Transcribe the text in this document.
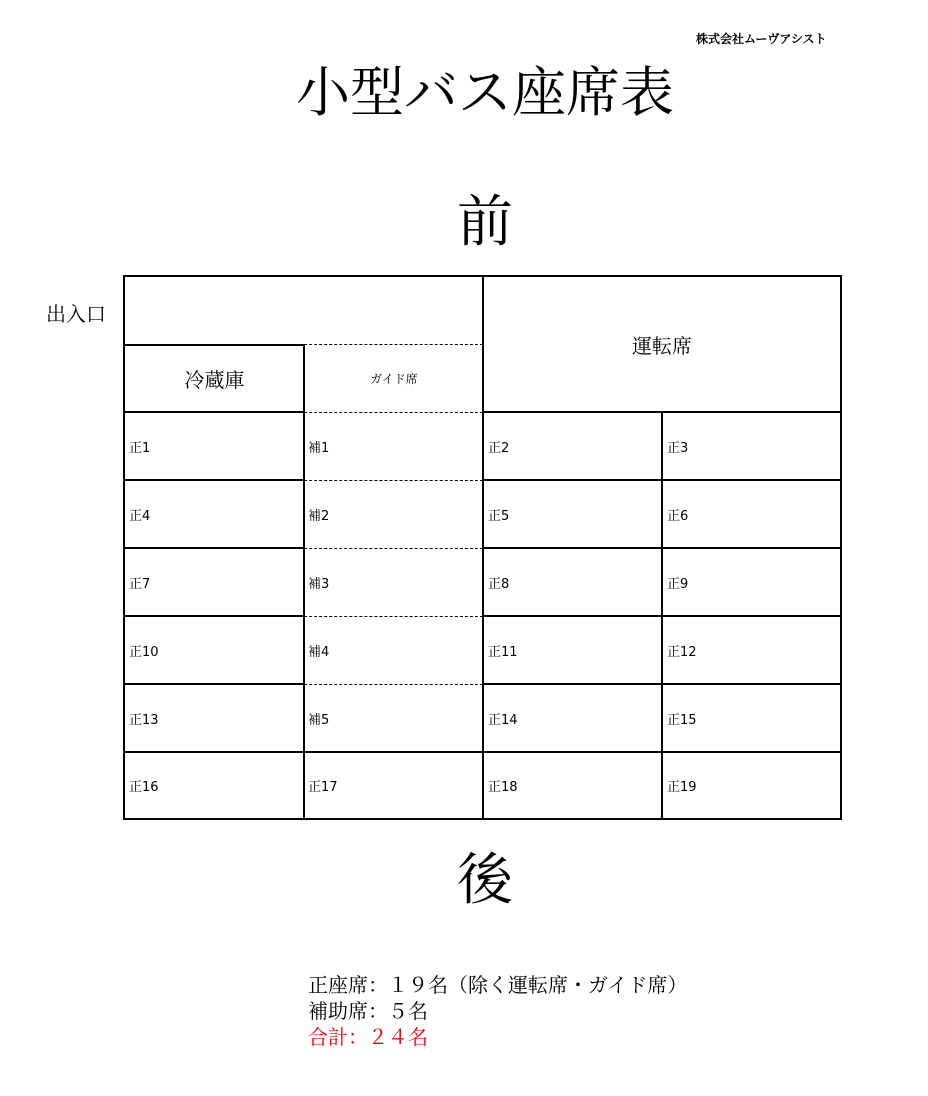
株式会社ムーヴアシスト
小型バス座席表
前
出入口
運転席
冷蔵庫	ガイド席
正1	補1	正2	正3
正4	補2	正5	正6
正7	補3	正8	正9
正10	補4	正11	正12
正13	補5	正14	正15
正16	正17	正18	正19
後
正座席：１９名（除く運転席・ガイド席）
補助席：５名
合計：２４名
